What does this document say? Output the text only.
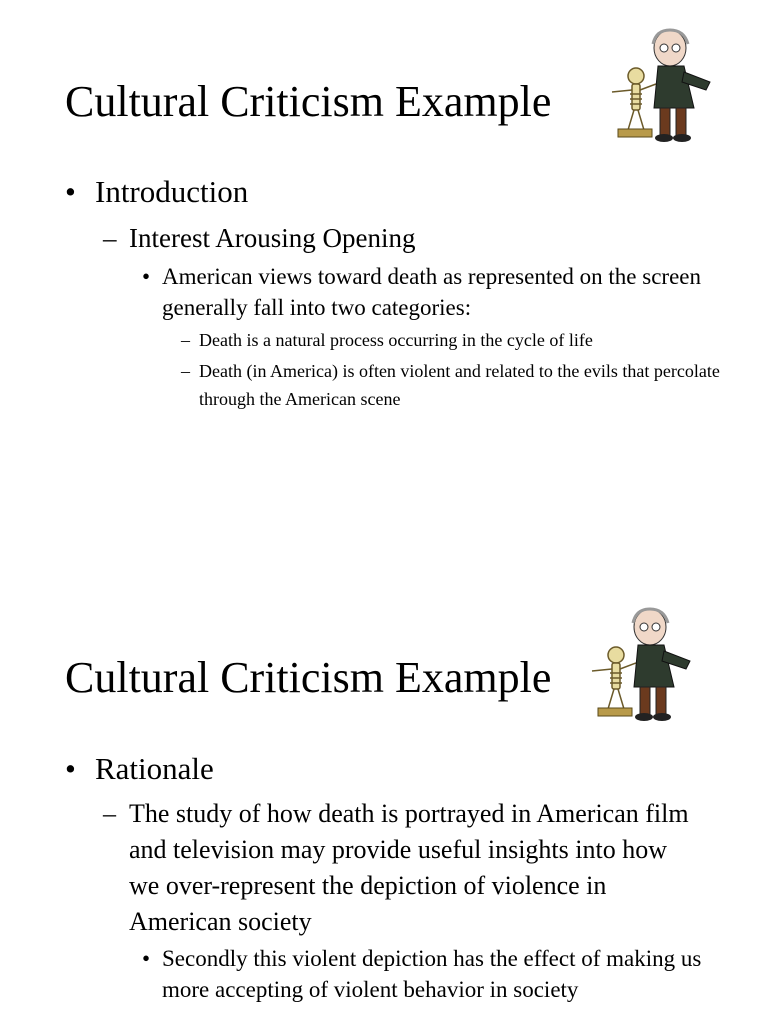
Cultural Criticism Example
• Introduction
– Interest Arousing Opening
• American views toward death as represented on the screen generally fall into two categories:
– Death is a natural process occurring in the cycle of life
– Death (in America) is often violent and related to the evils that percolate through the American scene
Cultural Criticism Example
• Rationale
– The study of how death is portrayed in American film and television may provide useful insights into how we over-represent the depiction of violence in American society
• Secondly this violent depiction has the effect of making us more accepting of violent behavior in society
